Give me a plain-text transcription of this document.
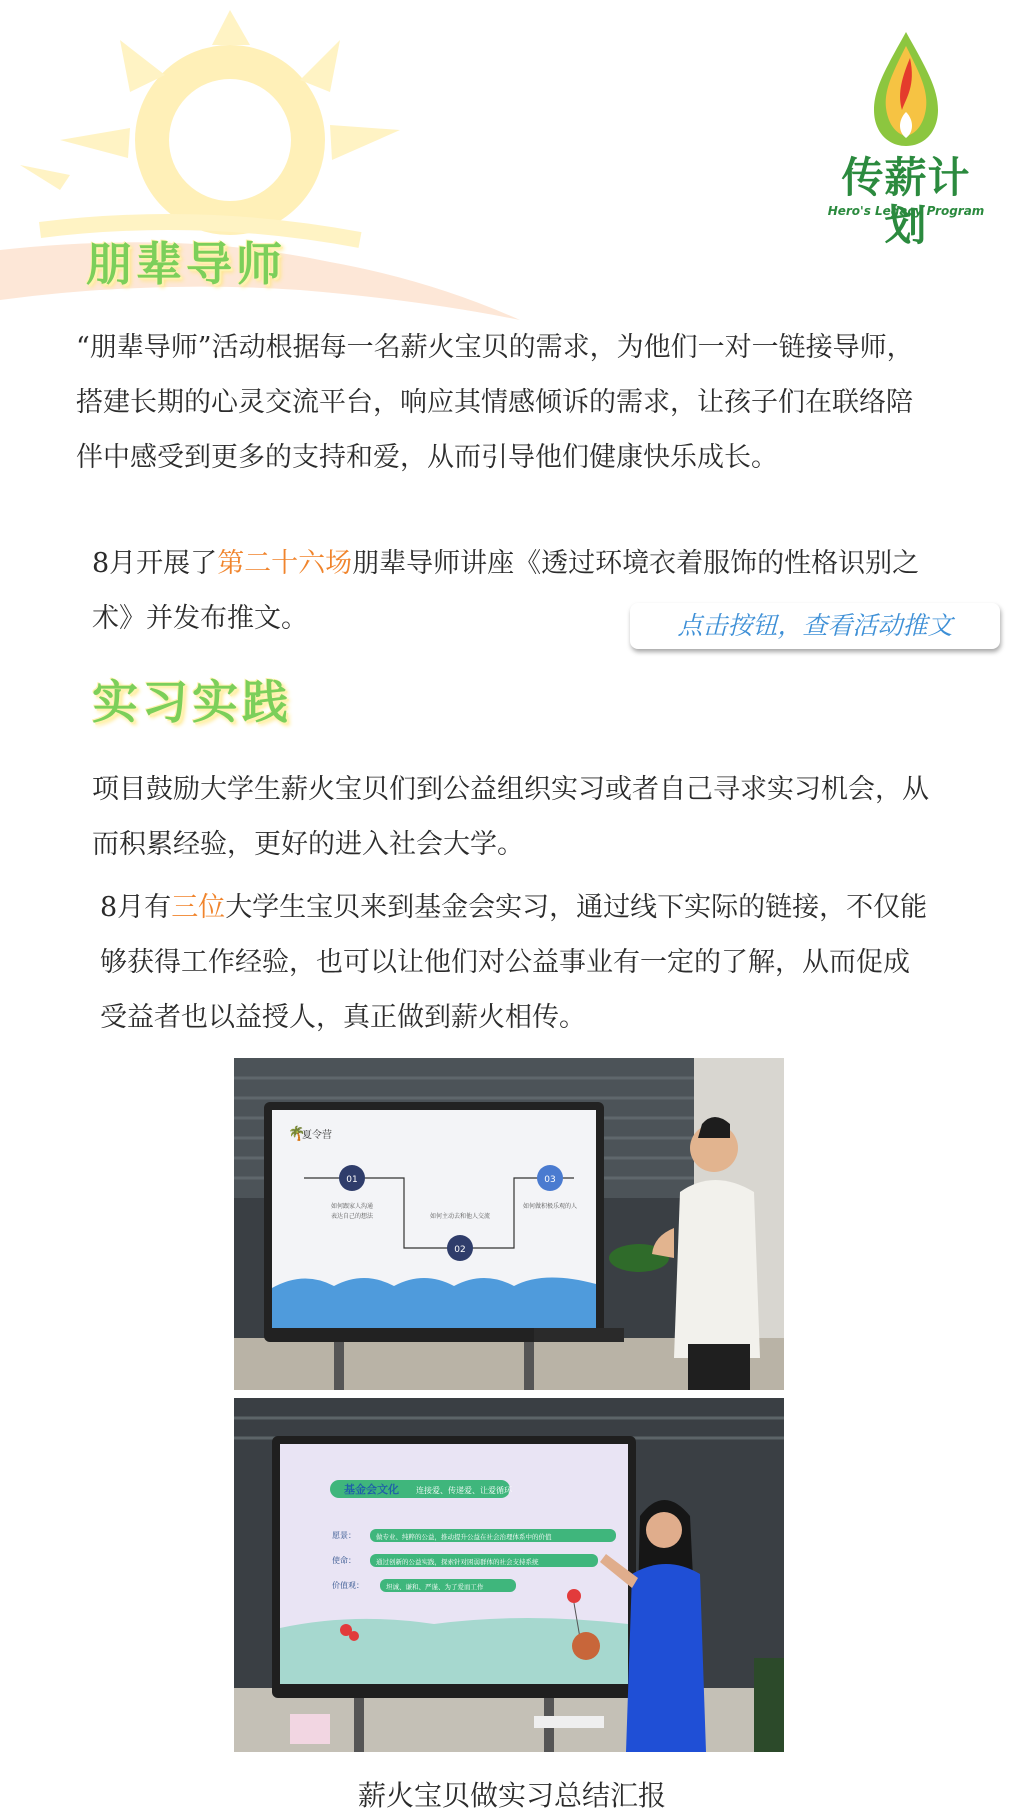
传薪计划
Hero's Legacy Program
朋辈导师

“朋辈导师”活动根据每一名薪火宝贝的需求，为他们一对一链接导师，搭建长期的心灵交流平台，响应其情感倾诉的需求，让孩子们在联络陪伴中感受到更多的支持和爱，从而引导他们健康快乐成长。

8月开展了第二十六场朋辈导师讲座《透过环境衣着服饰的性格识别之术》并发布推文。	点击按钮，查看活动推文
实习实践

项目鼓励大学生薪火宝贝们到公益组织实习或者自己寻求实习机会，从而积累经验，更好的进入社会大学。

8月有三位大学生宝贝来到基金会实习，通过线下实际的链接，不仅能够获得工作经验，也可以让他们对公益事业有一定的了解，从而促成受益者也以益授人，真正做到薪火相传。

夏令营
🌴
01
02
03
如何跟家人沟通
表达自己的想法	如何主动去和他人交流
如何做积极乐观的人
基金会文化 连接爱、传递爱、让爱循环
愿景：	做专业、纯粹的公益，推动提升公益在社会治理体系中的价值
使命：	通过创新的公益实践，探索针对困弱群体的社会支持系统
价值观：	坦诚、谦和、严谨、为了爱而工作
薪火宝贝做实习总结汇报
